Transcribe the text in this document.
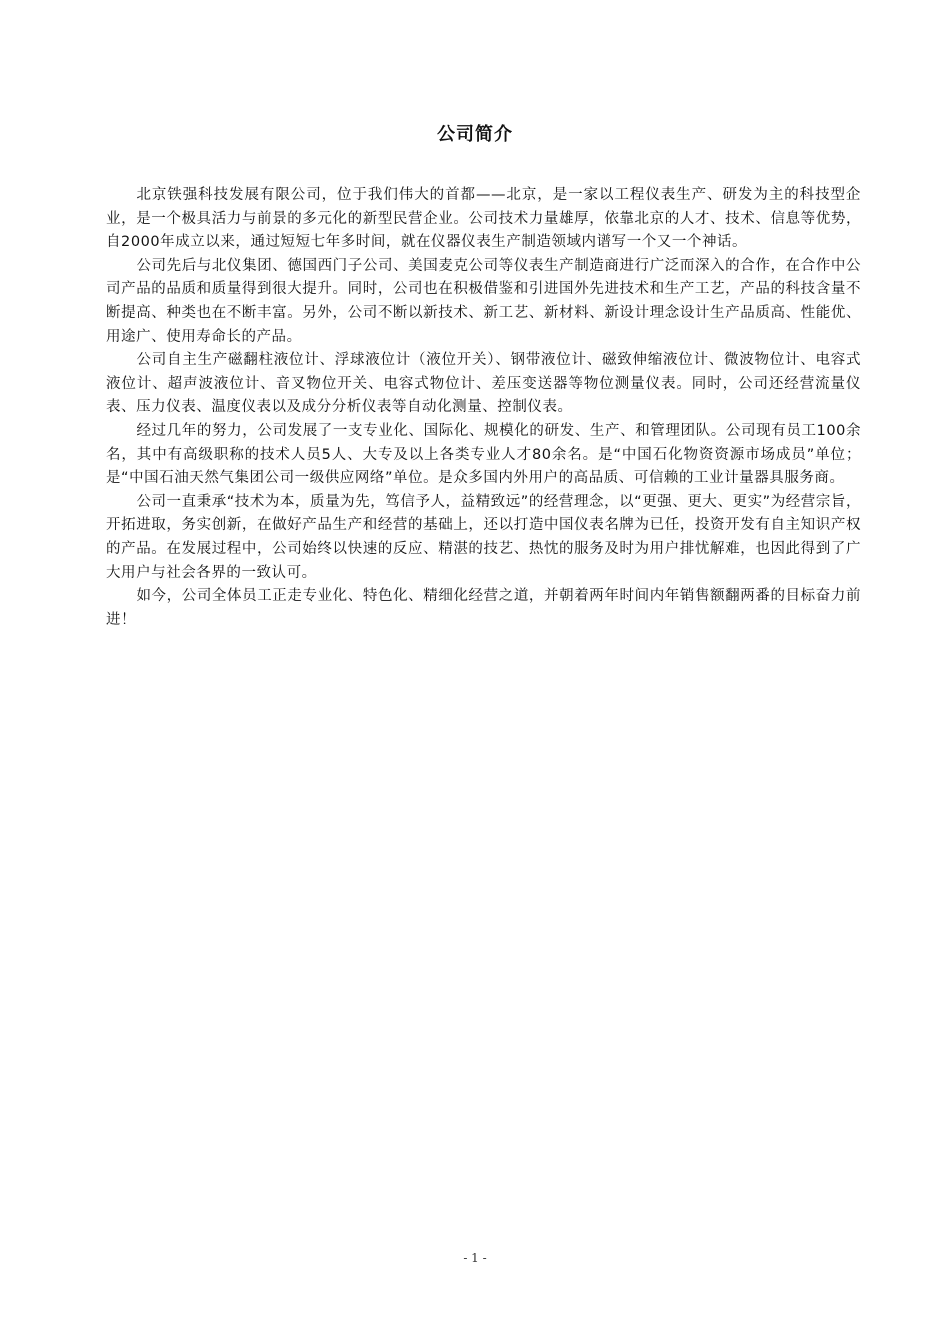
公司简介

北京铁强科技发展有限公司，位于我们伟大的首都——北京，是一家以工程仪表生产、研发为主的科技型企业，是一个极具活力与前景的多元化的新型民营企业。公司技术力量雄厚，依靠北京的人才、技术、信息等优势，自2000年成立以来，通过短短七年多时间，就在仪器仪表生产制造领域内谱写一个又一个神话。

公司先后与北仪集团、德国西门子公司、美国麦克公司等仪表生产制造商进行广泛而深入的合作，在合作中公司产品的品质和质量得到很大提升。同时，公司也在积极借鉴和引进国外先进技术和生产工艺，产品的科技含量不断提高、种类也在不断丰富。另外，公司不断以新技术、新工艺、新材料、新设计理念设计生产品质高、性能优、用途广、使用寿命长的产品。

公司自主生产磁翻柱液位计、浮球液位计（液位开关）、钢带液位计、磁致伸缩液位计、微波物位计、电容式液位计、超声波液位计、音叉物位开关、电容式物位计、差压变送器等物位测量仪表。同时，公司还经营流量仪表、压力仪表、温度仪表以及成分分析仪表等自动化测量、控制仪表。

经过几年的努力，公司发展了一支专业化、国际化、规模化的研发、生产、和管理团队。公司现有员工100余名，其中有高级职称的技术人员5人、大专及以上各类专业人才80余名。是“中国石化物资资源市场成员”单位；是“中国石油天然气集团公司一级供应网络”单位。是众多国内外用户的高品质、可信赖的工业计量器具服务商。

公司一直秉承“技术为本，质量为先，笃信予人，益精致远”的经营理念，以“更强、更大、更实”为经营宗旨，开拓进取，务实创新，在做好产品生产和经营的基础上，还以打造中国仪表名牌为已任，投资开发有自主知识产权的产品。在发展过程中，公司始终以快速的反应、精湛的技艺、热忱的服务及时为用户排忧解难，也因此得到了广大用户与社会各界的一致认可。

如今，公司全体员工正走专业化、特色化、精细化经营之道，并朝着两年时间内年销售额翻两番的目标奋力前进！

- 1 -
